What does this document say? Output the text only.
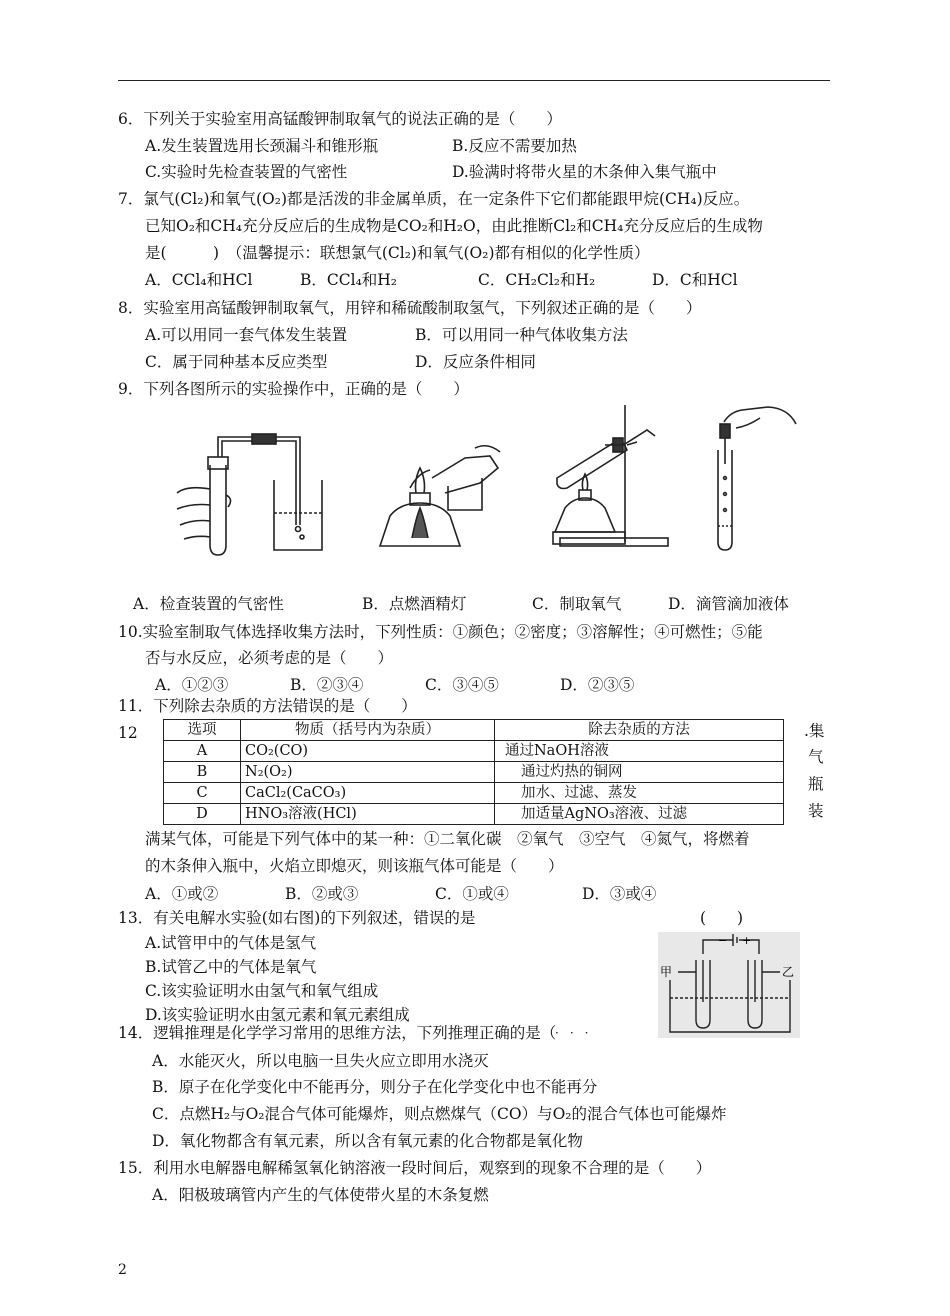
6．下列关于实验室用高锰酸钾制取氧气的说法正确的是（　　）
A.发生装置选用长颈漏斗和锥形瓶	B.反应不需要加热
C.实验时先检查装置的气密性	D.验满时将带火星的木条伸入集气瓶中
7．氯气(Cl₂)和氧气(O₂)都是活泼的非金属单质，在一定条件下它们都能跟甲烷(CH₄)反应。
已知O₂和CH₄充分反应后的生成物是CO₂和H₂O，由此推断Cl₂和CH₄充分反应后的生成物
是(　　　)　（温馨提示：联想氯气(Cl₂)和氧气(O₂)都有相似的化学性质）
A．CCl₄和HCl	B．CCl₄和H₂	C．CH₂Cl₂和H₂	D．C和HCl
8．实验室用高锰酸钾制取氧气，用锌和稀硫酸制取氢气，下列叙述正确的是（　　）
A.可以用同一套气体发生装置	B．可以用同一种气体收集方法
C．属于同种基本反应类型	D．反应条件相同
9．下列各图所示的实验操作中，正确的是（　　）
A．检查装置的气密性	B．点燃酒精灯	C．制取氧气	D．滴管滴加液体
10.实验室制取气体选择收集方法时，下列性质：①颜色；②密度；③溶解性；④可燃性；⑤能
否与水反应，必须考虑的是（　　）
A．①②③	B．②③④	C．③④⑤	D．②③⑤
11．下列除去杂质的方法错误的是（　　）
12	选项	物质（括号内为杂质）	除去杂质的方法
A	CO₂(CO)	通过NaOH溶液
B	N₂(O₂)	通过灼热的铜网
C	CaCl₂(CaCO₃)	加水、过滤、蒸发
D	HNO₃溶液(HCl)	加适量AgNO₃溶液、过滤
.集
气
瓶
装
满某气体，可能是下列气体中的某一种：①二氧化碳　②氧气　③空气　④氮气，将燃着
的木条伸入瓶中，火焰立即熄灭，则该瓶气体可能是（　　）
A．①或②	B．②或③	C．①或④	D．③或④
13．有关电解水实验(如右图)的下列叙述，错误的是	(　　)
A.试管甲中的气体是氢气
B.试管乙中的气体是氧气
C.该实验证明水由氢气和氧气组成
D.该实验证明水由氢元素和氧元素组成
甲	乙
− +
14．逻辑推理是化学学习常用的思维方法，下列推理正确的是（
···
A．水能灭火，所以电脑一旦失火应立即用水浇灭
B．原子在化学变化中不能再分，则分子在化学变化中也不能再分
C．点燃H₂与O₂混合气体可能爆炸，则点燃煤气（CO）与O₂的混合气体也可能爆炸
D．氧化物都含有氧元素，所以含有氧元素的化合物都是氧化物
15．利用水电解器电解稀氢氧化钠溶液一段时间后，观察到的现象不合理的是（　　）
A．阳极玻璃管内产生的气体使带火星的木条复燃
2
